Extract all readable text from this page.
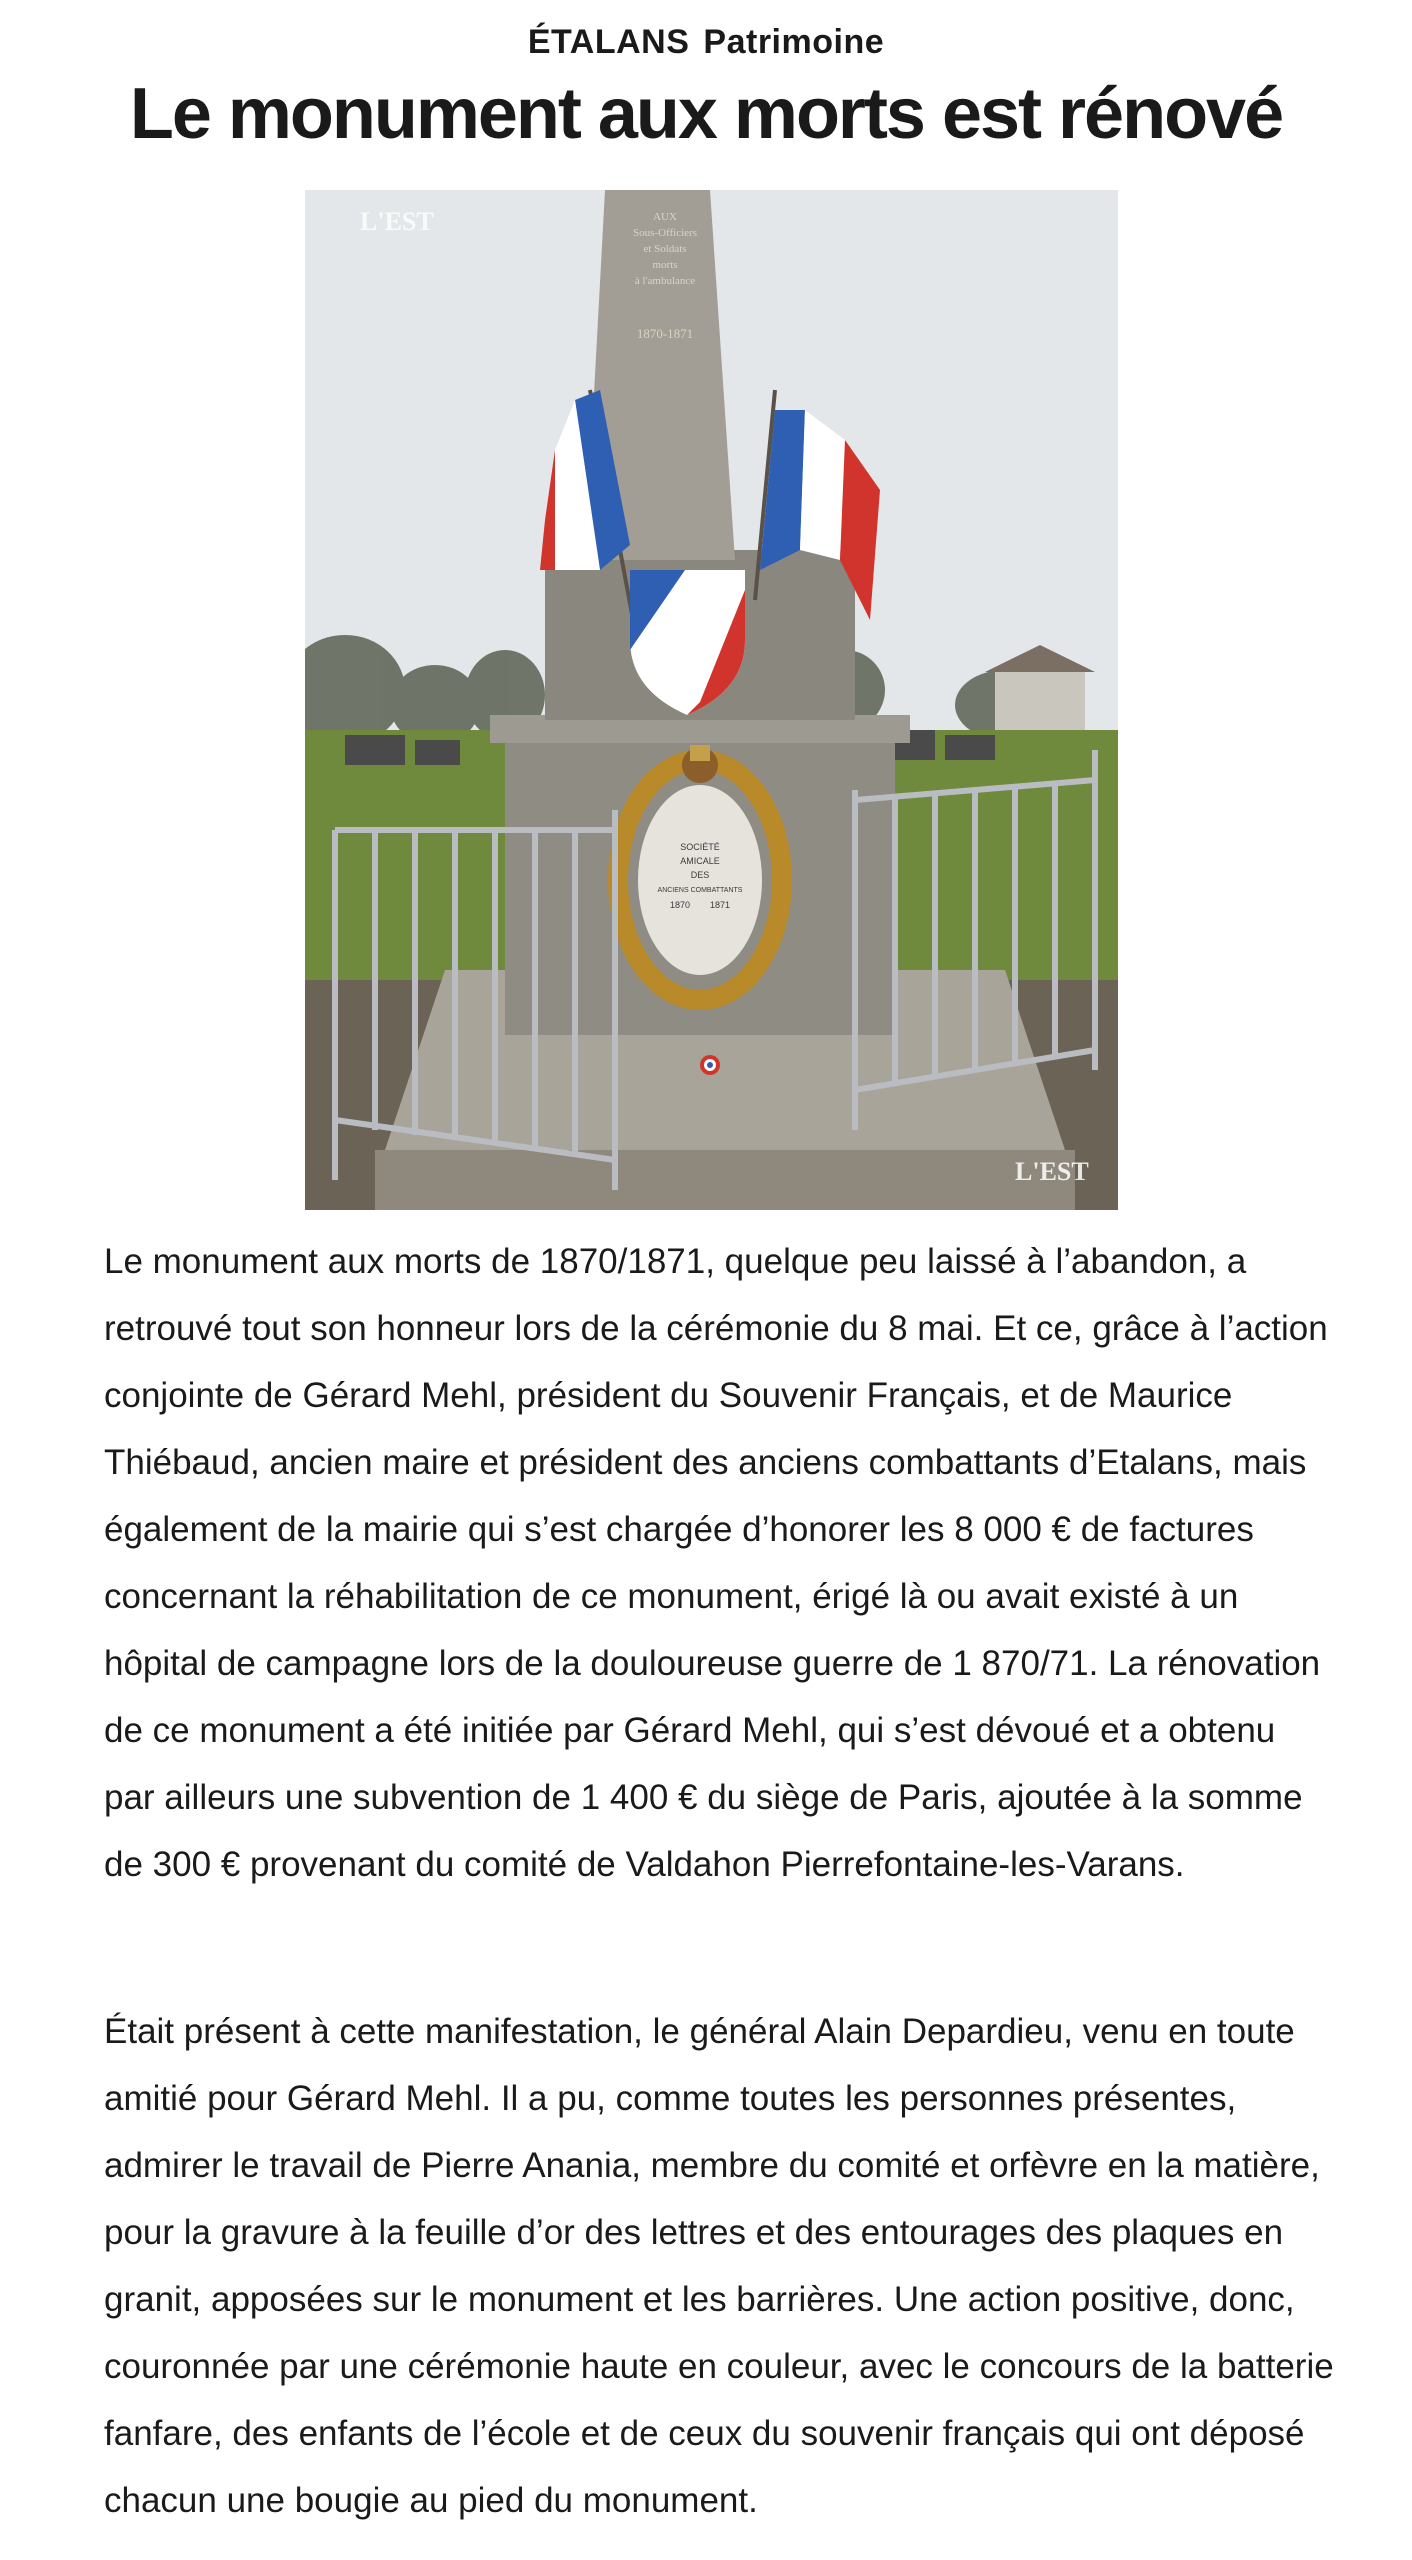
ÉTALANS Patrimoine
Le monument aux morts est rénové
AUX
Sous-Officiers
et Soldats
morts
à l'ambulance
1870-1871
SOCIÉTÉ
AMICALE
DES
ANCIENS COMBATTANTS
1870 1871
L'EST
L'EST

Le monument aux morts de 1870/1871, quelque peu laissé à l’abandon, a retrouvé tout son honneur lors de la cérémonie du 8 mai. Et ce, grâce à l’action conjointe de Gérard Mehl, président du Souvenir Français, et de Maurice Thiébaud, ancien maire et président des anciens combattants d’Etalans, mais également de la mairie qui s’est chargée d’honorer les 8 000 € de factures concernant la réhabilitation de ce monument, érigé là ou avait existé à un hôpital de campagne lors de la douloureuse guerre de 1 870/71. La rénovation de ce monument a été initiée par Gérard Mehl, qui s’est dévoué et a obtenu par ailleurs une subvention de 1 400 € du siège de Paris, ajoutée à la somme de 300 € provenant du comité de Valdahon Pierrefontaine-les-Varans.

Était présent à cette manifestation, le général Alain Depardieu, venu en toute amitié pour Gérard Mehl. Il a pu, comme toutes les personnes présentes, admirer le travail de Pierre Anania, membre du comité et orfèvre en la matière, pour la gravure à la feuille d’or des lettres et des entourages des plaques en granit, apposées sur le monument et les barrières. Une action positive, donc, couronnée par une cérémonie haute en couleur, avec le concours de la batterie fanfare, des enfants de l’école et de ceux du souvenir français qui ont déposé chacun une bougie au pied du monument.
